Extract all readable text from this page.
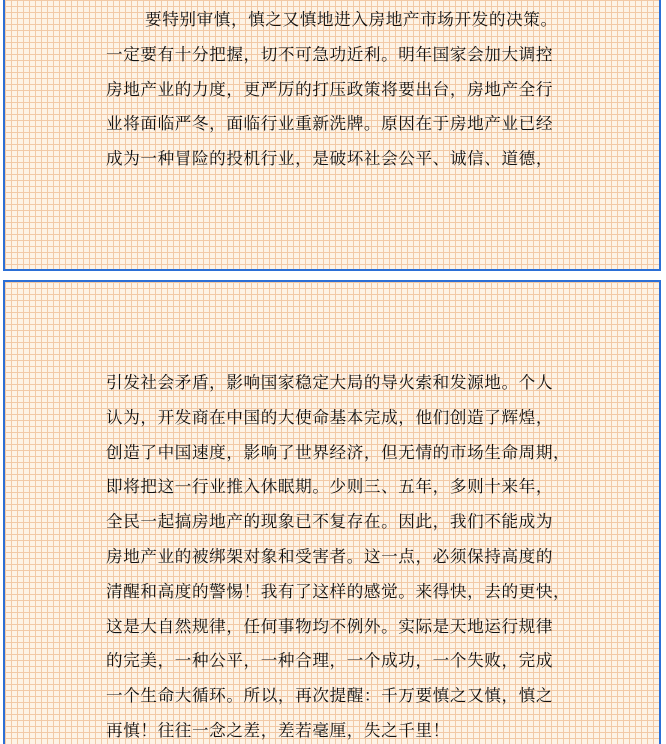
要特别审慎，慎之又慎地进入房地产市场开发的决策。
一定要有十分把握，切不可急功近利。明年国家会加大调控
房地产业的力度，更严厉的打压政策将要出台，房地产全行
业将面临严冬，面临行业重新洗牌。原因在于房地产业已经
成为一种冒险的投机行业，是破坏社会公平、诚信、道德，
引发社会矛盾，影响国家稳定大局的导火索和发源地。个人
认为，开发商在中国的大使命基本完成，他们创造了辉煌，
创造了中国速度，影响了世界经济，但无情的市场生命周期，
即将把这一行业推入休眠期。少则三、五年，多则十来年，
全民一起搞房地产的现象已不复存在。因此，我们不能成为
房地产业的被绑架对象和受害者。这一点，必须保持高度的
清醒和高度的警惕！我有了这样的感觉。来得快，去的更快，
这是大自然规律，任何事物均不例外。实际是天地运行规律
的完美，一种公平，一种合理，一个成功，一个失败，完成
一个生命大循环。所以，再次提醒：千万要慎之又慎，慎之
再慎！往往一念之差，差若毫厘，失之千里！
